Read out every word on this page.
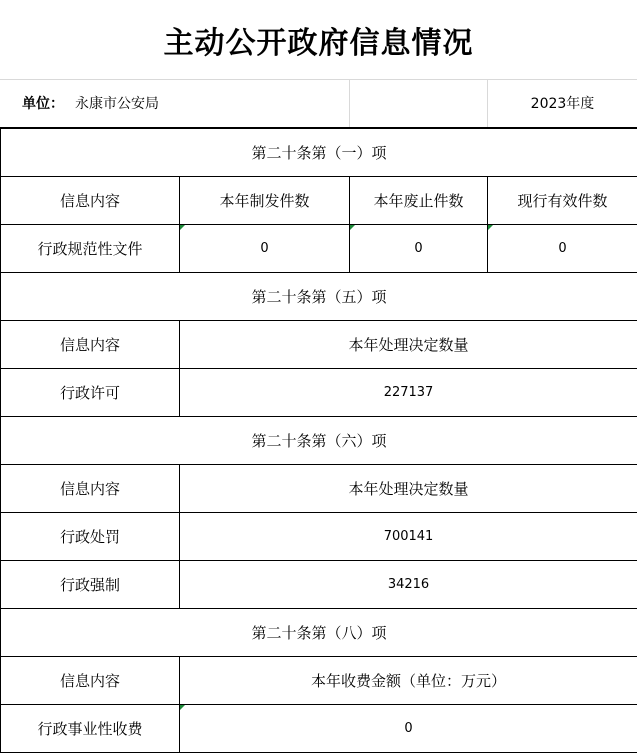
主动公开政府信息情况
单位： 永康市公安局	2023年度
第二十条第（一）项			
信息内容	本年制发件数	本年废止件数	现行有效件数
行政规范性文件	0	0	0
第二十条第（五）项			
信息内容	本年处理决定数量		
行政许可	227137		
第二十条第（六）项			
信息内容	本年处理决定数量		
行政处罚	700141		
行政强制	34216		
第二十条第（八）项			
信息内容	本年收费金额（单位：万元）		
行政事业性收费	0		
